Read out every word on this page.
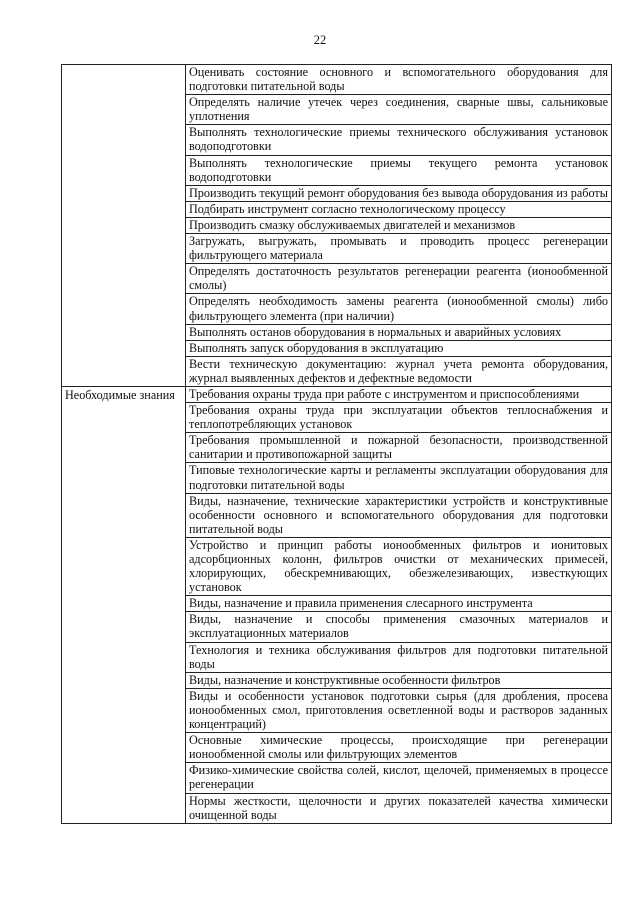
22
	Оценивать состояние основного и вспомогательного оборудования для подготовки питательной воды
	Определять наличие утечек через соединения, сварные швы, сальниковые уплотнения
	Выполнять технологические приемы технического обслуживания установок водоподготовки
	Выполнять технологические приемы текущего ремонта установок водоподготовки
	Производить текущий ремонт оборудования без вывода оборудования из работы
	Подбирать инструмент согласно технологическому процессу
	Производить смазку обслуживаемых двигателей и механизмов
	Загружать, выгружать, промывать и проводить процесс регенерации фильтрующего материала
	Определять достаточность результатов регенерации реагента (ионообменной смолы)
	Определять необходимость замены реагента (ионообменной смолы) либо фильтрующего элемента (при наличии)
	Выполнять останов оборудования в нормальных и аварийных условиях
	Выполнять запуск оборудования в эксплуатацию
	Вести техническую документацию: журнал учета ремонта оборудования, журнал выявленных дефектов и дефектные ведомости

Необходимые знания	Требования охраны труда при работе с инструментом и приспособлениями
	Требования охраны труда при эксплуатации объектов теплоснабжения и теплопотребляющих установок
	Требования промышленной и пожарной безопасности, производственной санитарии и противопожарной защиты
	Типовые технологические карты и регламенты эксплуатации оборудования для подготовки питательной воды
	Виды, назначение, технические характеристики устройств и конструктивные особенности основного и вспомогательного оборудования для подготовки питательной воды
	Устройство и принцип работы ионообменных фильтров и ионитовых адсорбционных колонн, фильтров очистки от механических примесей, хлорирующих, обескремнивающих, обезжелезивающих, известкующих установок
	Виды, назначение и правила применения слесарного инструмента
	Виды, назначение и способы применения смазочных материалов и эксплуатационных материалов
	Технология и техника обслуживания фильтров для подготовки питательной воды
	Виды, назначение и конструктивные особенности фильтров
	Виды и особенности установок подготовки сырья (для дробления, просева ионообменных смол, приготовления осветленной воды и растворов заданных концентраций)
	Основные химические процессы, происходящие при регенерации ионообменной смолы или фильтрующих элементов
	Физико-химические свойства солей, кислот, щелочей, применяемых в процессе регенерации
	Нормы жесткости, щелочности и других показателей качества химически очищенной воды
